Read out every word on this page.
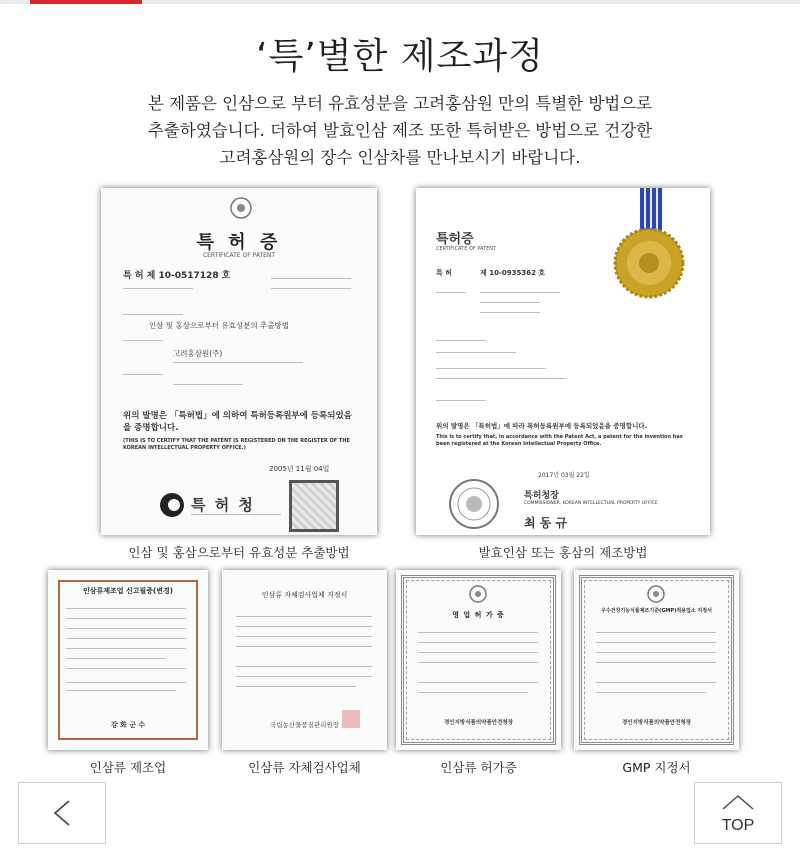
‘특’별한 제조과정
본 제품은 인삼으로 부터 유효성분을 고려홍삼원 만의 특별한 방법으로
추출하였습니다. 더하여 발효인삼 제조 또한 특허받은 방법으로 건강한
고려홍삼원의 장수 인삼차를 만나보시기 바랍니다.
특 허 증
CERTIFICATE OF PATENT
특 허 제 10-0517128 호
인삼 및 홍삼으로부터 유효성분의 추출방법
고려홍삼원(주)
위의 발명은 「특허법」에 의하여 특허등록원부에 등록되었음을 증명합니다.
(THIS IS TO CERTIFY THAT THE PATENT IS REGISTERED ON THE REGISTER OF THE KOREAN INTELLECTUAL PROPERTY OFFICE.)
2005년 11월 04일
특 허 청
인삼 및 홍삼으로부터 유효성분 추출방법
특허증
CERTIFICATE OF PATENT
특 허	제 10-0935362 호
위의 발명은 「특허법」에 따라 특허등록원부에 등록되었음을 증명합니다.
This is to certify that, in accordance with the Patent Act, a patent for the invention has been registered at the Korean Intellectual Property Office.
2017년 03월 22일
특허청장
COMMISSIONER, KOREAN INTELLECTUAL PROPERTY OFFICE
최 동 규
발효인삼 또는 홍삼의 제조방법
인삼류제조업 신고필증(변경)
강 화 군 수
인삼류 제조업
인삼류 자체검사업체 지정서
국립농산물품질관리원장
인삼류 자체검사업체
영 업 허 가 증
경인지방식품의약품안전청장
인삼류 허가증
우수건강기능식품제조기준(GMP)적용업소 지정서
경인지방식품의약품안전청장
GMP 지정서
TOP
